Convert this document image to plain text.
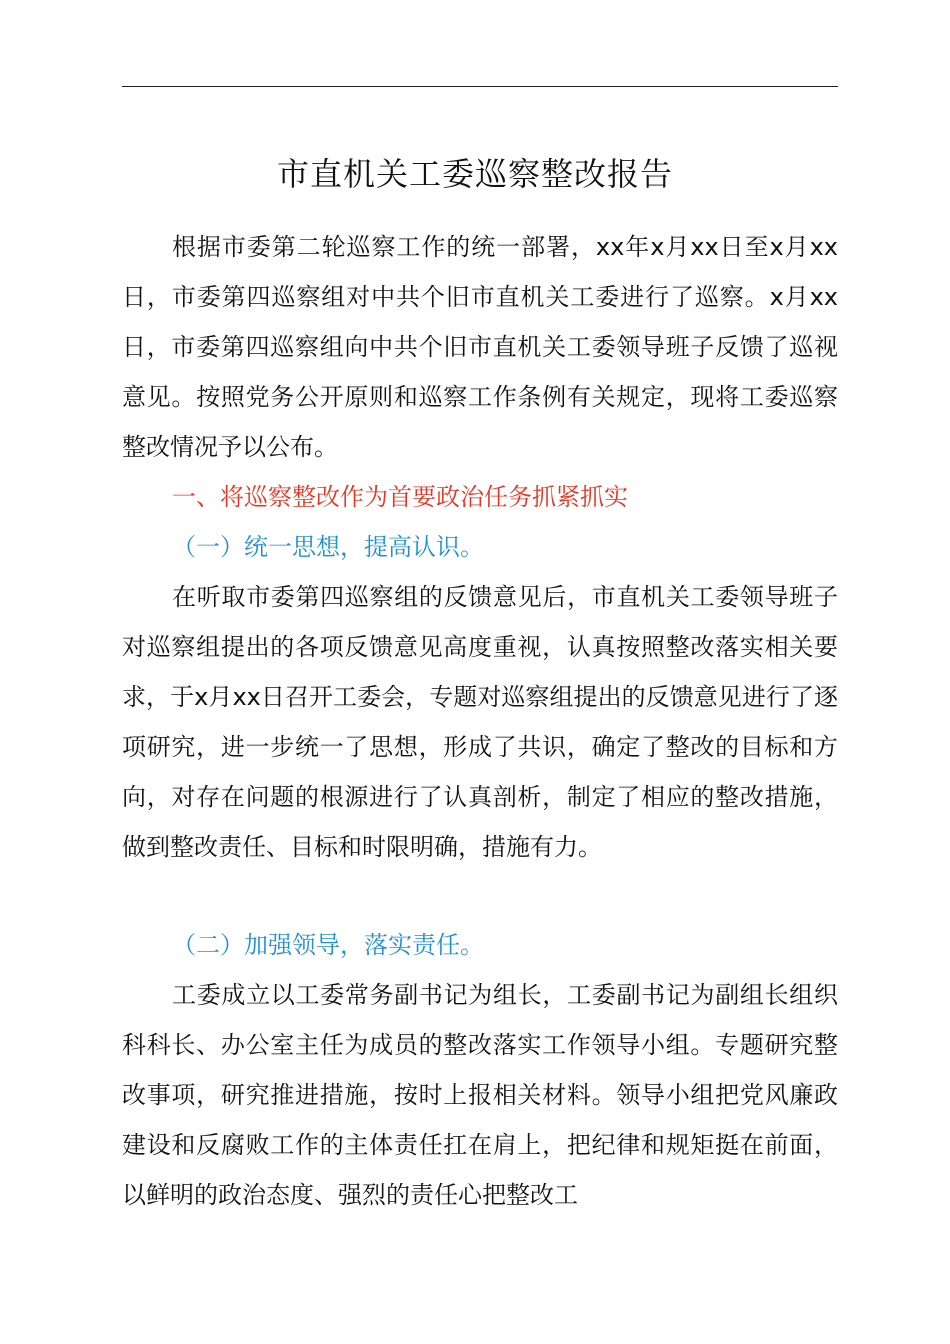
市直机关工委巡察整改报告

根据市委第二轮巡察工作的统一部署，xx年x月xx日至x月xx日，市委第四巡察组对中共个旧市直机关工委进行了巡察。x月xx日，市委第四巡察组向中共个旧市直机关工委领导班子反馈了巡视意见。按照党务公开原则和巡察工作条例有关规定，现将工委巡察整改情况予以公布。

一、将巡察整改作为首要政治任务抓紧抓实

（一）统一思想，提高认识。

在听取市委第四巡察组的反馈意见后，市直机关工委领导班子对巡察组提出的各项反馈意见高度重视，认真按照整改落实相关要求，于x月xx日召开工委会，专题对巡察组提出的反馈意见进行了逐项研究，进一步统一了思想，形成了共识，确定了整改的目标和方向，对存在问题的根源进行了认真剖析，制定了相应的整改措施，做到整改责任、目标和时限明确，措施有力。

（二）加强领导，落实责任。

工委成立以工委常务副书记为组长，工委副书记为副组长组织科科长、办公室主任为成员的整改落实工作领导小组。专题研究整改事项，研究推进措施，按时上报相关材料。领导小组把党风廉政建设和反腐败工作的主体责任扛在肩上，把纪律和规矩挺在前面，以鲜明的政治态度、强烈的责任心把整改工
